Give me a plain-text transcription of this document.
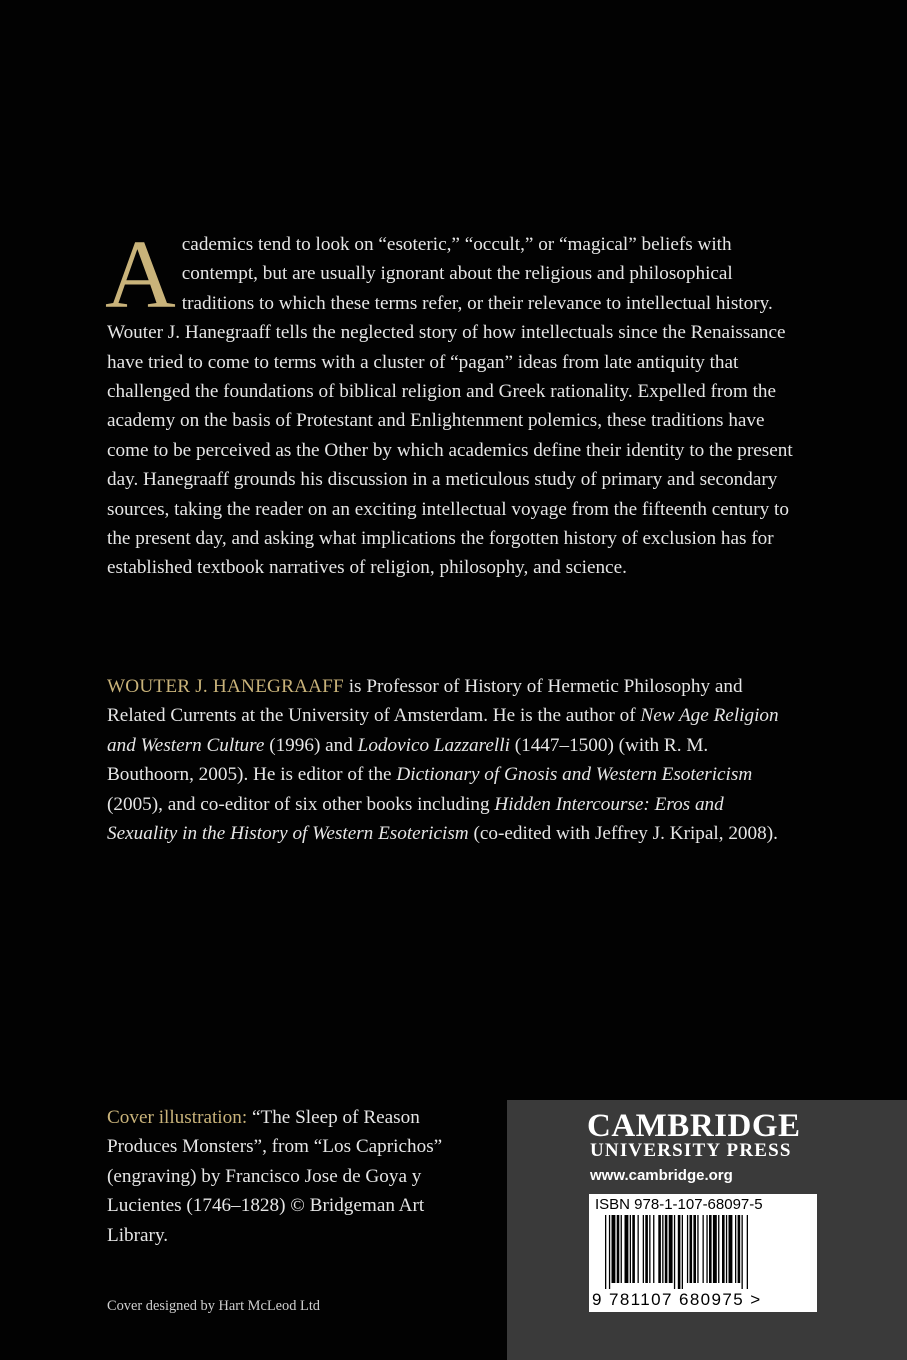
Academics tend to look on “esoteric,” “occult,” or “magical” beliefs with contempt, but are usually ignorant about the religious and philosophical traditions to which these terms refer, or their relevance to intellectual history. Wouter J. Hanegraaff tells the neglected story of how intellectuals since the Renaissance have tried to come to terms with a cluster of “pagan” ideas from late antiquity that challenged the foundations of biblical religion and Greek rationality. Expelled from the academy on the basis of Protestant and Enlightenment polemics, these traditions have come to be perceived as the Other by which academics define their identity to the present day. Hanegraaff grounds his discussion in a meticulous study of primary and secondary sources, taking the reader on an exciting intellectual voyage from the fifteenth century to the present day, and asking what implications the forgotten history of exclusion has for established textbook narratives of religion, philosophy, and science.
WOUTER J. HANEGRAAFF is Professor of History of Hermetic Philosophy and Related Currents at the University of Amsterdam. He is the author of New Age Religion and Western Culture (1996) and Lodovico Lazzarelli (1447–1500) (with R. M. Bouthoorn, 2005). He is editor of the Dictionary of Gnosis and Western Esotericism (2005), and co-editor of six other books including Hidden Intercourse: Eros and Sexuality in the History of Western Esotericism (co-edited with Jeffrey J. Kripal, 2008).
Cover illustration: “The Sleep of Reason Produces Monsters”, from “Los Caprichos” (engraving) by Francisco Jose de Goya y Lucientes (1746–1828) © Bridgeman Art Library.
Cover designed by Hart McLeod Ltd
CAMBRIDGE
UNIVERSITY PRESS
www.cambridge.org
ISBN 978-1-107-68097-5
9 781107 680975 >
